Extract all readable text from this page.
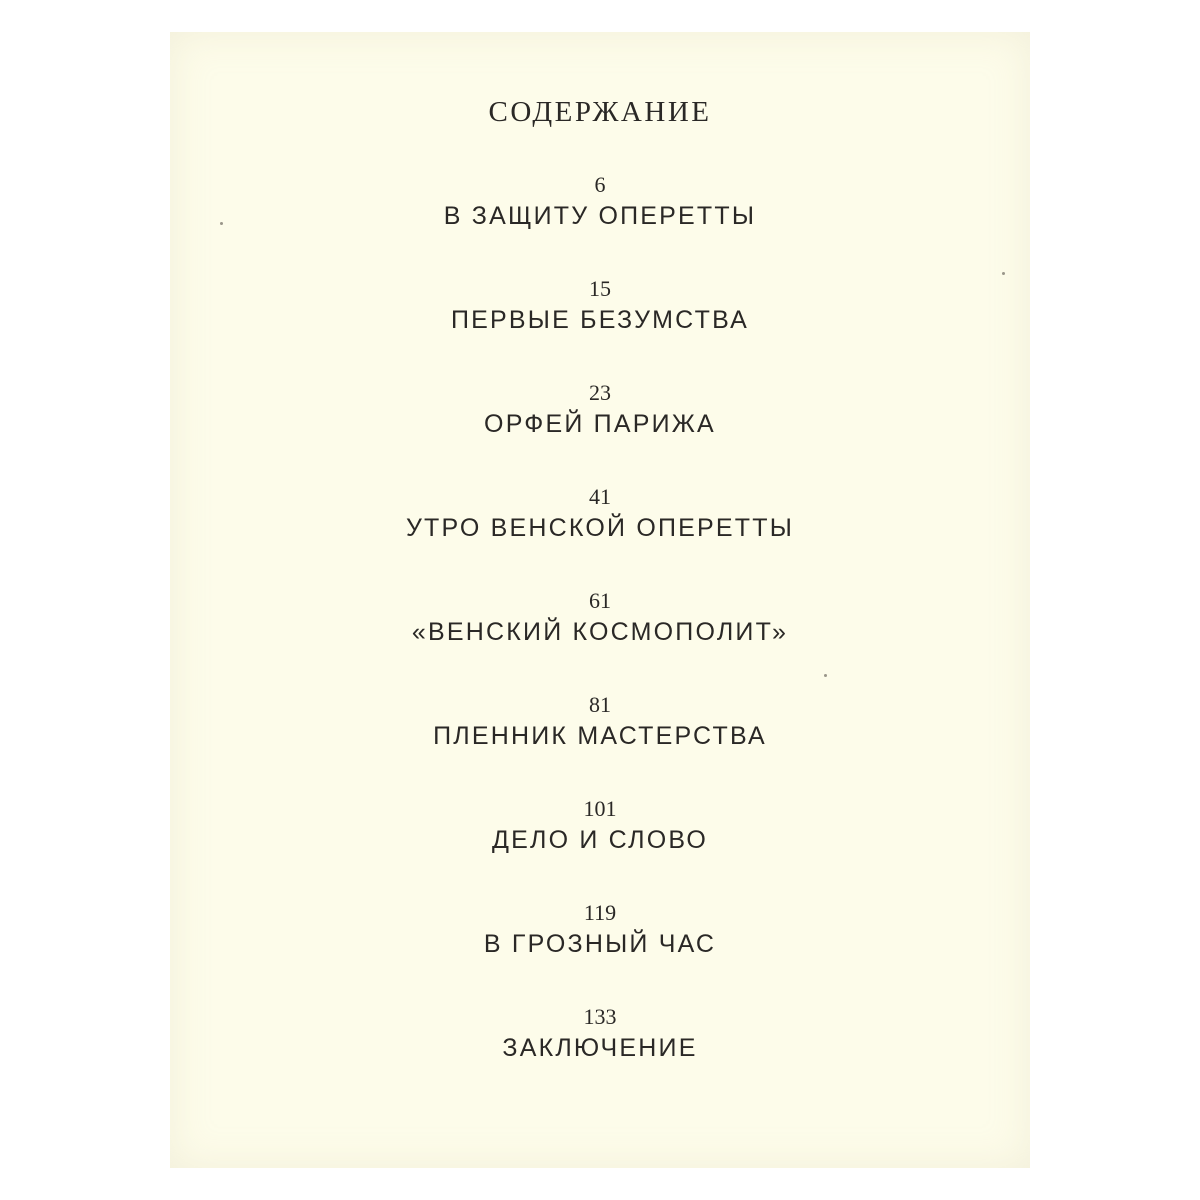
СОДЕРЖАНИЕ
6
В ЗАЩИТУ ОПЕРЕТТЫ
15
ПЕРВЫЕ БЕЗУМСТВА
23
ОРФЕЙ ПАРИЖА
41
УТРО ВЕНСКОЙ ОПЕРЕТТЫ
61
«ВЕНСКИЙ КОСМОПОЛИТ»
81
ПЛЕННИК МАСТЕРСТВА
101
ДЕЛО И СЛОВО
119
В ГРОЗНЫЙ ЧАС
133
ЗАКЛЮЧЕНИЕ
